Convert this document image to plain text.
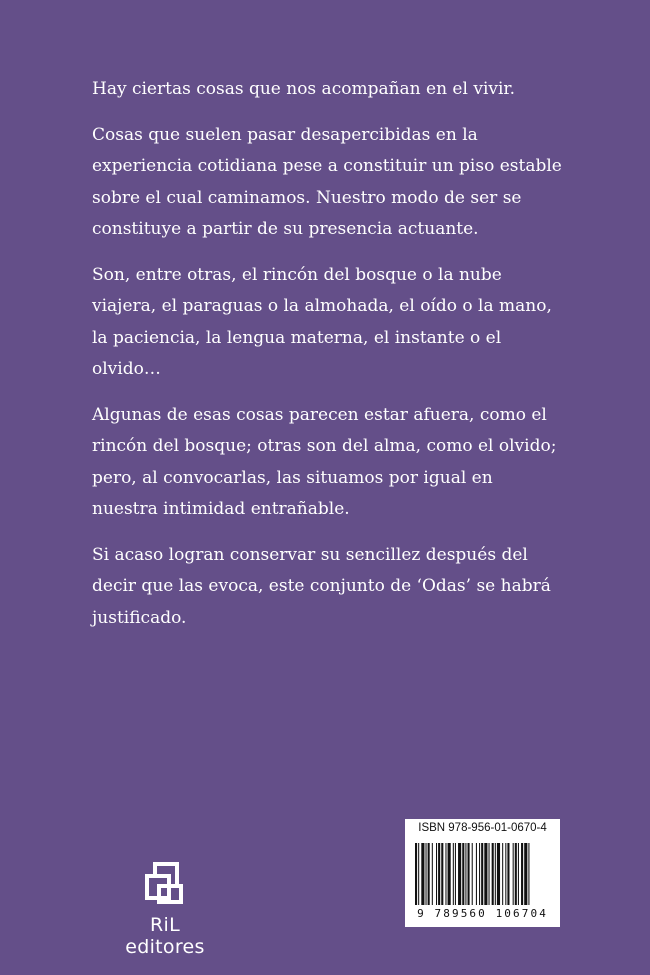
Hay ciertas cosas que nos acompañan en el vivir.

Cosas que suelen pasar desapercibidas en la experiencia cotidiana pese a constituir un piso estable sobre el cual caminamos. Nuestro modo de ser se constituye a partir de su presencia actuante.

Son, entre otras, el rincón del bosque o la nube viajera, el paraguas o la almohada, el oído o la mano, la paciencia, la lengua materna, el instante o el olvido…

Algunas de esas cosas parecen estar afuera, como el rincón del bosque; otras son del alma, como el olvido; pero, al convocarlas, las situamos por igual en nuestra intimidad entrañable.

Si acaso logran conservar su sencillez después del decir que las evoca, este conjunto de ‘Odas’ se habrá justificado.

RiL editores
ISBN 978-956-01-0670-4
9 789560 106704
